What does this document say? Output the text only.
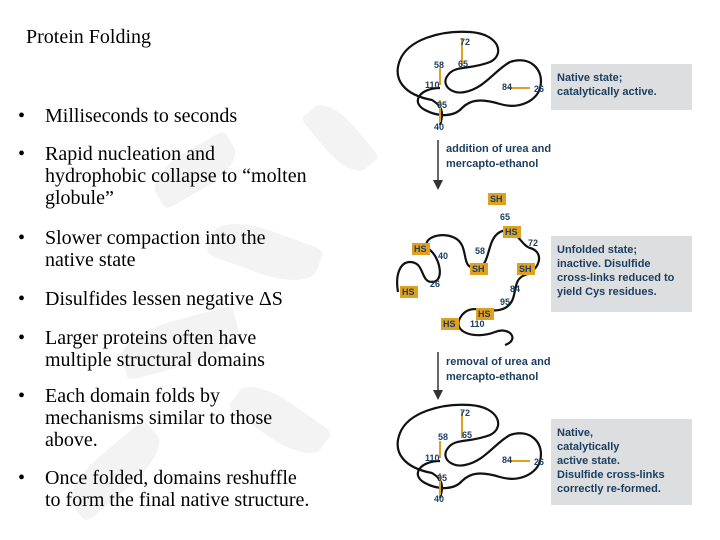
Protein Folding
• Milliseconds to seconds
• Rapid nucleation and
hydrophobic collapse to “molten
globule”
• Slower compaction into the
native state
• Disulfides lessen negative ΔS
• Larger proteins often have
multiple structural domains
• Each domain folds by
mechanisms similar to those
above.
• Once folded, domains reshuffle
to form the final native structure.
72
65
58
110	84 26
95
40
SH
HS
HS
SH	SH
HS
HS
HS
65
72
58
40
26	84
95
110
72
65
58
110	84 26
95
40
Native state;
catalytically active.
Unfolded state;
inactive. Disulfide
cross-links reduced to
yield Cys residues.
Native,
catalytically
active state.
Disulfide cross-links
correctly re-formed.
addition of urea and
mercapto-ethanol
removal of urea and
mercapto-ethanol
